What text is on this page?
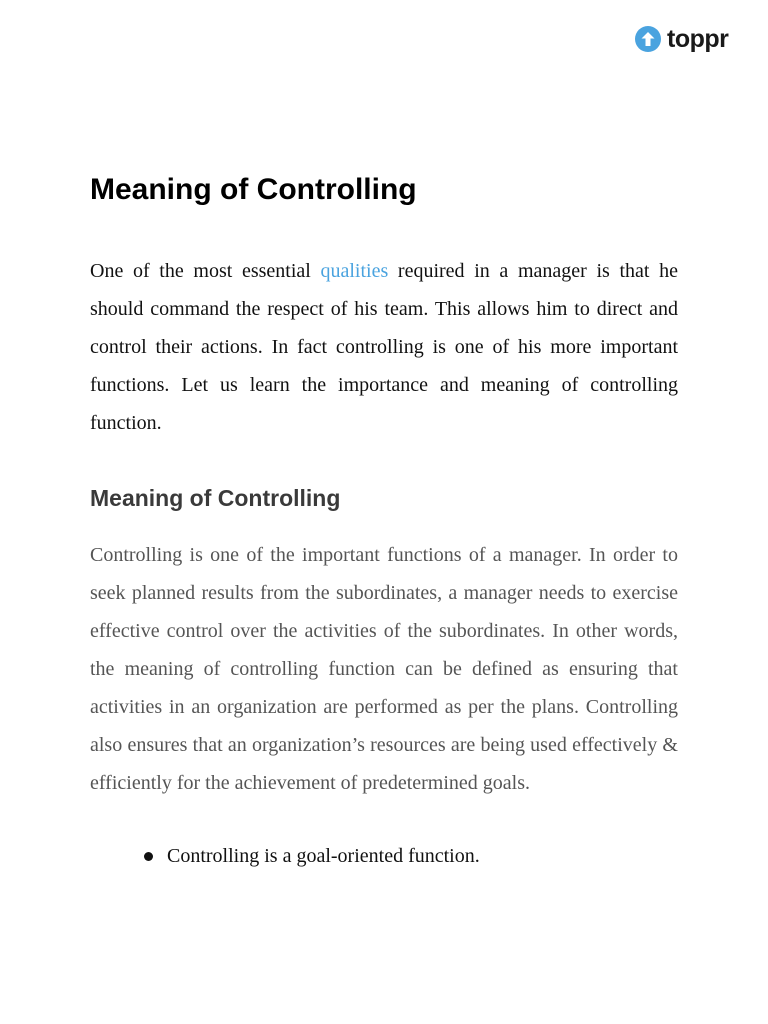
toppr
Meaning of Controlling

One of the most essential qualities required in a manager is that he should command the respect of his team. This allows him to direct and control their actions. In fact controlling is one of his more important functions. Let us learn the importance and meaning of controlling function.

Meaning of Controlling

Controlling is one of the important functions of a manager. In order to seek planned results from the subordinates, a manager needs to exercise effective control over the activities of the subordinates. In other words, the meaning of controlling function can be defined as ensuring that activities in an organization are performed as per the plans. Controlling also ensures that an organization’s resources are being used effectively & efficiently for the achievement of predetermined goals.

Controlling is a goal-oriented function.
